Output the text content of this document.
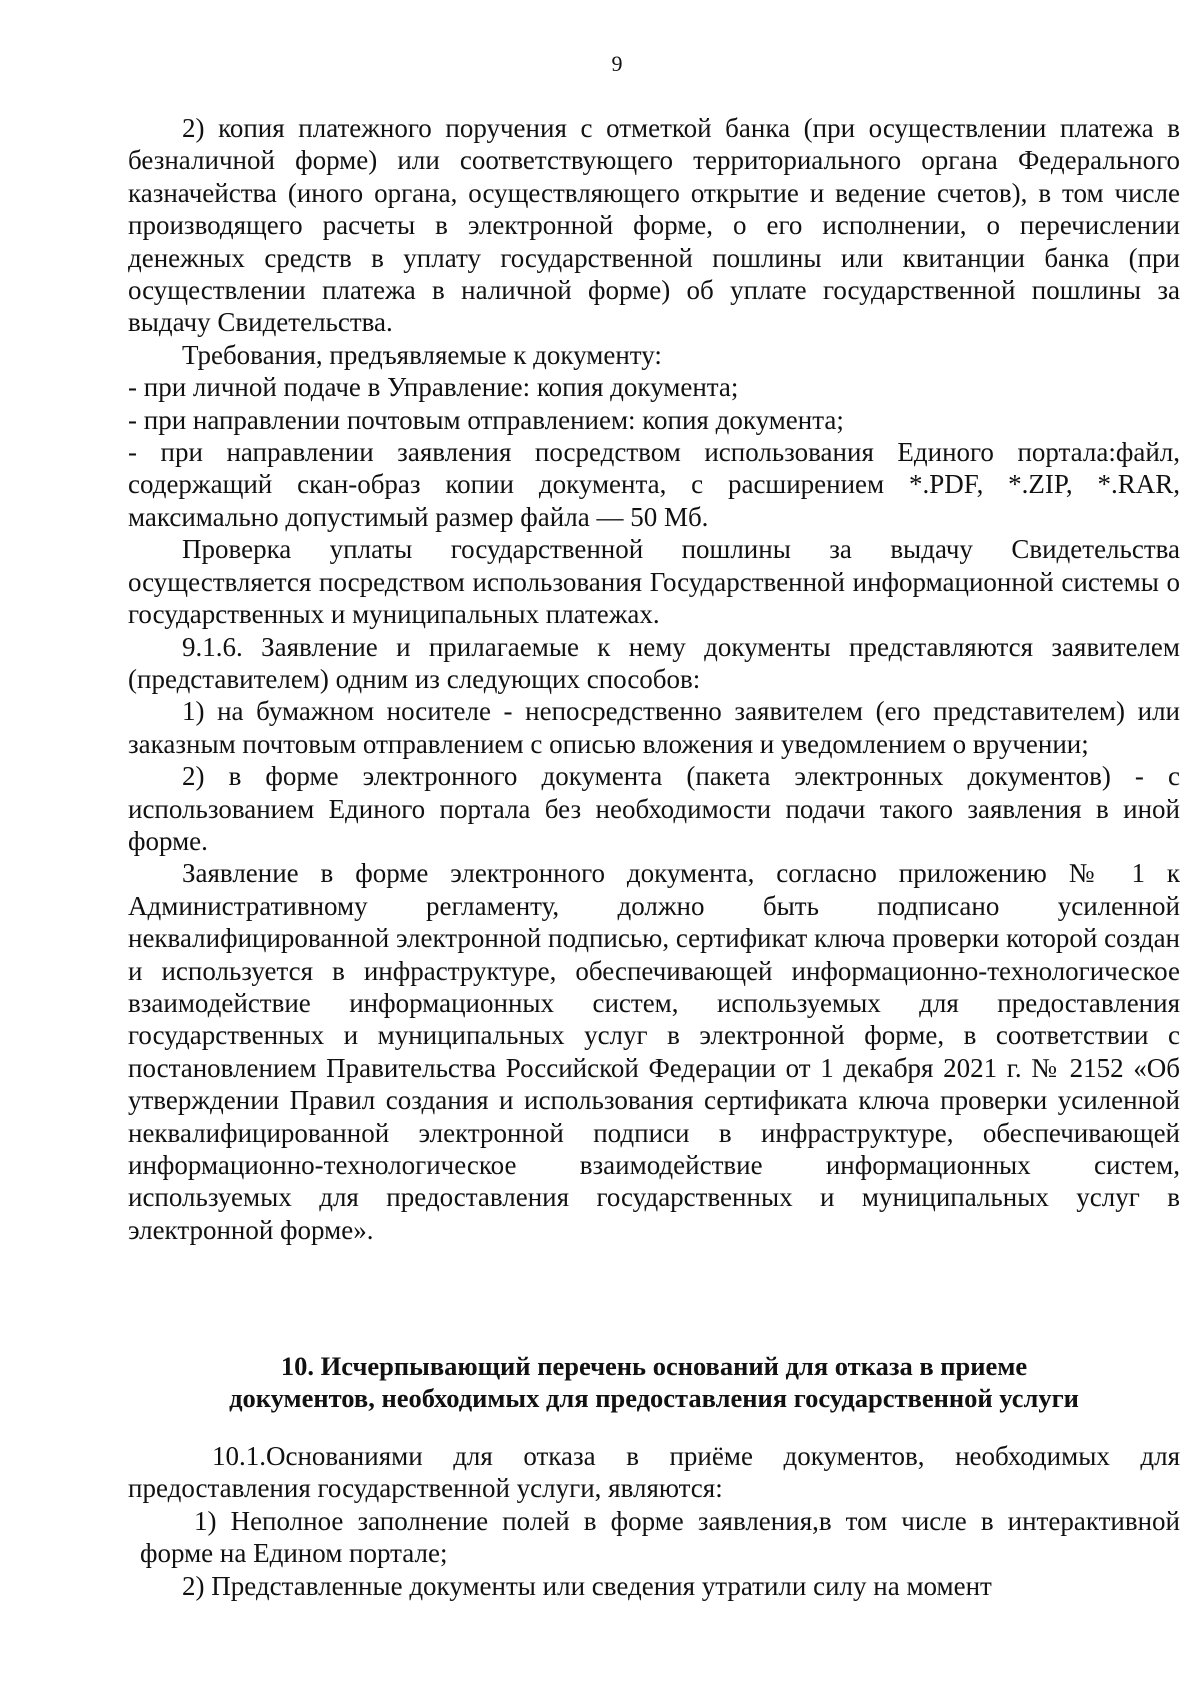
9

2) копия платежного поручения с отметкой банка (при осуществлении платежа в безналичной форме) или соответствующего территориального органа Федерального казначейства (иного органа, осуществляющего открытие и ведение счетов), в том числе производящего расчеты в электронной форме, о его исполнении, о перечислении денежных средств в уплату государственной пошлины или квитанции банка (при осуществлении платежа в наличной форме) об уплате государственной пошлины за выдачу Свидетельства.

Требования, предъявляемые к документу:

- при личной подаче в Управление: копия документа;

- при направлении почтовым отправлением: копия документа;

- при направлении заявления посредством использования Единого портала:файл, содержащий скан-образ копии документа, с расширением *.PDF, *.ZIP, *.RAR, максимально допустимый размер файла — 50 Мб.

Проверка уплаты государственной пошлины за выдачу Свидетельства осуществляется посредством использования Государственной информационной системы о государственных и муниципальных платежах.

9.1.6. Заявление и прилагаемые к нему документы представляются заявителем (представителем) одним из следующих способов:

1) на бумажном носителе - непосредственно заявителем (его представителем) или заказным почтовым отправлением с описью вложения и уведомлением о вручении;

2) в форме электронного документа (пакета электронных документов) - с использованием Единого портала без необходимости подачи такого заявления в иной форме.

Заявление в форме электронного документа, согласно приложению № 1 к Административному регламенту, должно быть подписано усиленной неквалифицированной электронной подписью, сертификат ключа проверки которой создан и используется в инфраструктуре, обеспечивающей информационно-технологическое взаимодействие информационных систем, используемых для предоставления государственных и муниципальных услуг в электронной форме, в соответствии с постановлением Правительства Российской Федерации от 1 декабря 2021 г. № 2152 «Об утверждении Правил создания и использования сертификата ключа проверки усиленной неквалифицированной электронной подписи в инфраструктуре, обеспечивающей информационно-технологическое взаимодействие информационных систем, используемых для предоставления государственных и муниципальных услуг в электронной форме».

10. Исчерпывающий перечень оснований для отказа в приеме
документов, необходимых для предоставления государственной услуги

10.1.Основаниями для отказа в приёме документов, необходимых для предоставления государственной услуги, являются:

1) Неполное заполнение полей в форме заявления,в том числе в интерактивной форме на Едином портале;

2) Представленные документы или сведения утратили силу на момент
